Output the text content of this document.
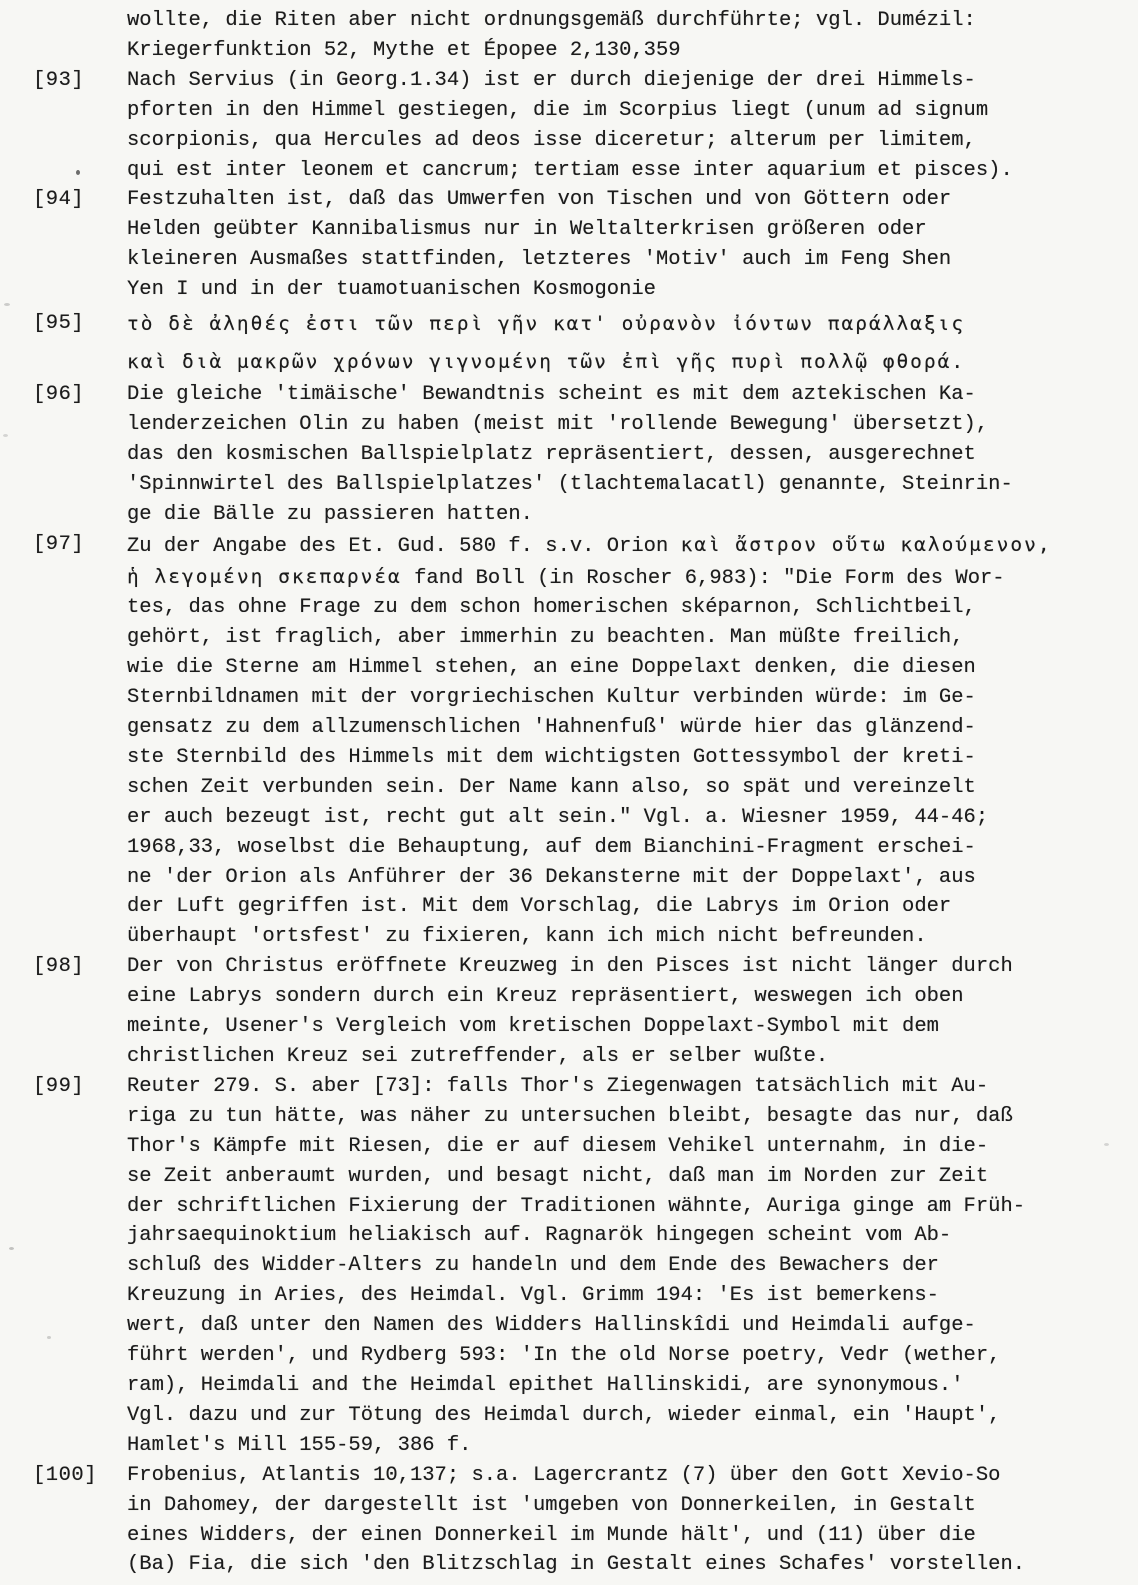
wollte, die Riten aber nicht ordnungsgemäß durchführte; vgl. Dumézil:
Kriegerfunktion 52, Mythe et Épopee 2,130,359
[93]	Nach Servius (in Georg.1.34) ist er durch diejenige der drei Himmels-
pforten in den Himmel gestiegen, die im Scorpius liegt (unum ad signum
scorpionis, qua Hercules ad deos isse diceretur; alterum per limitem,
qui est inter leonem et cancrum; tertiam esse inter aquarium et pisces).
[94]	Festzuhalten ist, daß das Umwerfen von Tischen und von Göttern oder
Helden geübter Kannibalismus nur in Weltalterkrisen größeren oder
kleineren Ausmaßes stattfinden, letzteres 'Motiv' auch im Feng Shen
Yen I und in der tuamotuanischen Kosmogonie
[95]	τὸ δὲ ἀληθές ἐστι τῶν περὶ γῆν κατ' οὐρανὸν ἰόντων παράλλαξις
καὶ διὰ μακρῶν χρόνων γιγνομένη τῶν ἐπὶ γῆς πυρὶ πολλῷ φθορά.
[96]	Die gleiche 'timäische' Bewandtnis scheint es mit dem aztekischen Ka-
lenderzeichen Olin zu haben (meist mit 'rollende Bewegung' übersetzt),
das den kosmischen Ballspielplatz repräsentiert, dessen, ausgerechnet
'Spinnwirtel des Ballspielplatzes' (tlachtemalacatl) genannte, Steinrin-
ge die Bälle zu passieren hatten.
[97]	Zu der Angabe des Et. Gud. 580 f. s.v. Orion καὶ ἄστρον οὕτω καλούμενον,
ἡ λεγομένη σκεπαρνέα fand Boll (in Roscher 6,983): "Die Form des Wor-
tes, das ohne Frage zu dem schon homerischen sképarnon, Schlichtbeil,
gehört, ist fraglich, aber immerhin zu beachten. Man müßte freilich,
wie die Sterne am Himmel stehen, an eine Doppelaxt denken, die diesen
Sternbildnamen mit der vorgriechischen Kultur verbinden würde: im Ge-
gensatz zu dem allzumenschlichen 'Hahnenfuß' würde hier das glänzend-
ste Sternbild des Himmels mit dem wichtigsten Gottessymbol der kreti-
schen Zeit verbunden sein. Der Name kann also, so spät und vereinzelt
er auch bezeugt ist, recht gut alt sein." Vgl. a. Wiesner 1959, 44-46;
1968,33, woselbst die Behauptung, auf dem Bianchini-Fragment erschei-
ne 'der Orion als Anführer der 36 Dekansterne mit der Doppelaxt', aus
der Luft gegriffen ist. Mit dem Vorschlag, die Labrys im Orion oder
überhaupt 'ortsfest' zu fixieren, kann ich mich nicht befreunden.
[98]	Der von Christus eröffnete Kreuzweg in den Pisces ist nicht länger durch
eine Labrys sondern durch ein Kreuz repräsentiert, weswegen ich oben
meinte, Usener's Vergleich vom kretischen Doppelaxt-Symbol mit dem
christlichen Kreuz sei zutreffender, als er selber wußte.
[99]	Reuter 279. S. aber [73]: falls Thor's Ziegenwagen tatsächlich mit Au-
riga zu tun hätte, was näher zu untersuchen bleibt, besagte das nur, daß
Thor's Kämpfe mit Riesen, die er auf diesem Vehikel unternahm, in die-
se Zeit anberaumt wurden, und besagt nicht, daß man im Norden zur Zeit
der schriftlichen Fixierung der Traditionen wähnte, Auriga ginge am Früh-
jahrsaequinoktium heliakisch auf. Ragnarök hingegen scheint vom Ab-
schluß des Widder-Alters zu handeln und dem Ende des Bewachers der
Kreuzung in Aries, des Heimdal. Vgl. Grimm 194: 'Es ist bemerkens-
wert, daß unter den Namen des Widders Hallinskîdi und Heimdali aufge-
führt werden', und Rydberg 593: 'In the old Norse poetry, Vedr (wether,
ram), Heimdali and the Heimdal epithet Hallinskidi, are synonymous.'
Vgl. dazu und zur Tötung des Heimdal durch, wieder einmal, ein 'Haupt',
Hamlet's Mill 155-59, 386 f.
[100]	Frobenius, Atlantis 10,137; s.a. Lagercrantz (7) über den Gott Xevio-So
in Dahomey, der dargestellt ist 'umgeben von Donnerkeilen, in Gestalt
eines Widders, der einen Donnerkeil im Munde hält', und (11) über die
(Ba) Fia, die sich 'den Blitzschlag in Gestalt eines Schafes' vorstellen.
